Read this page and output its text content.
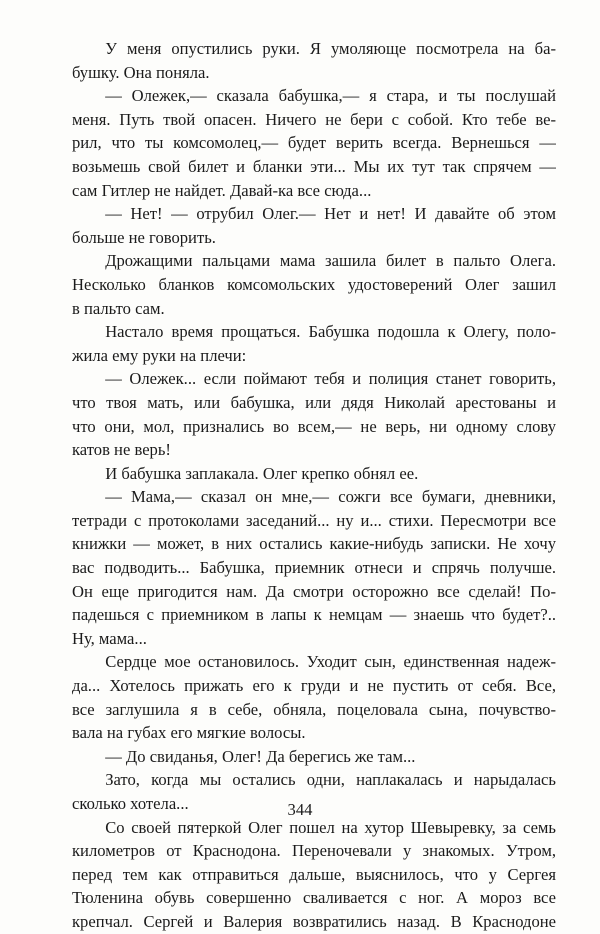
У меня опустились руки. Я умоляюще посмотрела на ба-
бушку. Она поняла.
— Олежек,— сказала бабушка,— я стара, и ты послушай
меня. Путь твой опасен. Ничего не бери с собой. Кто тебе ве-
рил, что ты комсомолец,— будет верить всегда. Вернешься —
возьмешь свой билет и бланки эти... Мы их тут так спрячем —
сам Гитлер не найдет. Давай-ка все сюда...
— Нет! — отрубил Олег.— Нет и нет! И давайте об этом
больше не говорить.
Дрожащими пальцами мама зашила билет в пальто Олега.
Несколько бланков комсомольских удостоверений Олег зашил
в пальто сам.
Настало время прощаться. Бабушка подошла к Олегу, поло-
жила ему руки на плечи:
— Олежек... если поймают тебя и полиция станет говорить,
что твоя мать, или бабушка, или дядя Николай арестованы и
что они, мол, признались во всем,— не верь, ни одному слову
катов не верь!
И бабушка заплакала. Олег крепко обнял ее.
— Мама,— сказал он мне,— сожги все бумаги, дневники,
тетради с протоколами заседаний... ну и... стихи. Пересмотри все
книжки — может, в них остались какие-нибудь записки. Не хочу
вас подводить... Бабушка, приемник отнеси и спрячь получше.
Он еще пригодится нам. Да смотри осторожно все сделай! По-
падешься с приемником в лапы к немцам — знаешь что будет?..
Ну, мама...
Сердце мое остановилось. Уходит сын, единственная надеж-
да... Хотелось прижать его к груди и не пустить от себя. Все,
все заглушила я в себе, обняла, поцеловала сына, почувство-
вала на губах его мягкие волосы.
— До свиданья, Олег! Да берегись же там...
Зато, когда мы остались одни, наплакалась и нарыдалась
сколько хотела...
Со своей пятеркой Олег пошел на хутор Шевыревку, за семь
километров от Краснодона. Переночевали у знакомых. Утром,
перед тем как отправиться дальше, выяснилось, что у Сергея
Тюленина обувь совершенно сваливается с ног. А мороз все
крепчал. Сергей и Валерия возвратились назад. В Краснодоне
344
